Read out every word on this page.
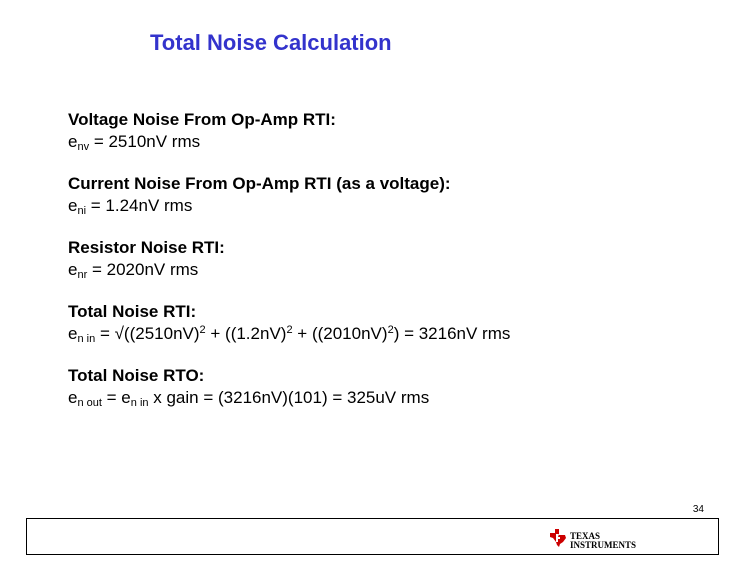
Total Noise Calculation
Voltage Noise From Op-Amp RTI:
$e_{nv} = 2510nV$ rms
Current Noise From Op-Amp RTI (as a voltage):
$e_{ni} = 1.24nV$ rms
Resistor Noise RTI:
$e_{nr} = 2020nV$ rms
Total Noise RTI:
$e_{n in} = √((2510nV)^2 + ((1.2nV)^2 + ((2010nV)^2) = 3216nV$ rms
Total Noise RTO:
$e_{n out} = e_{n in}$ x gain = (3216nV)(101) = 325uV rms
34
TEXAS
INSTRUMENTS
